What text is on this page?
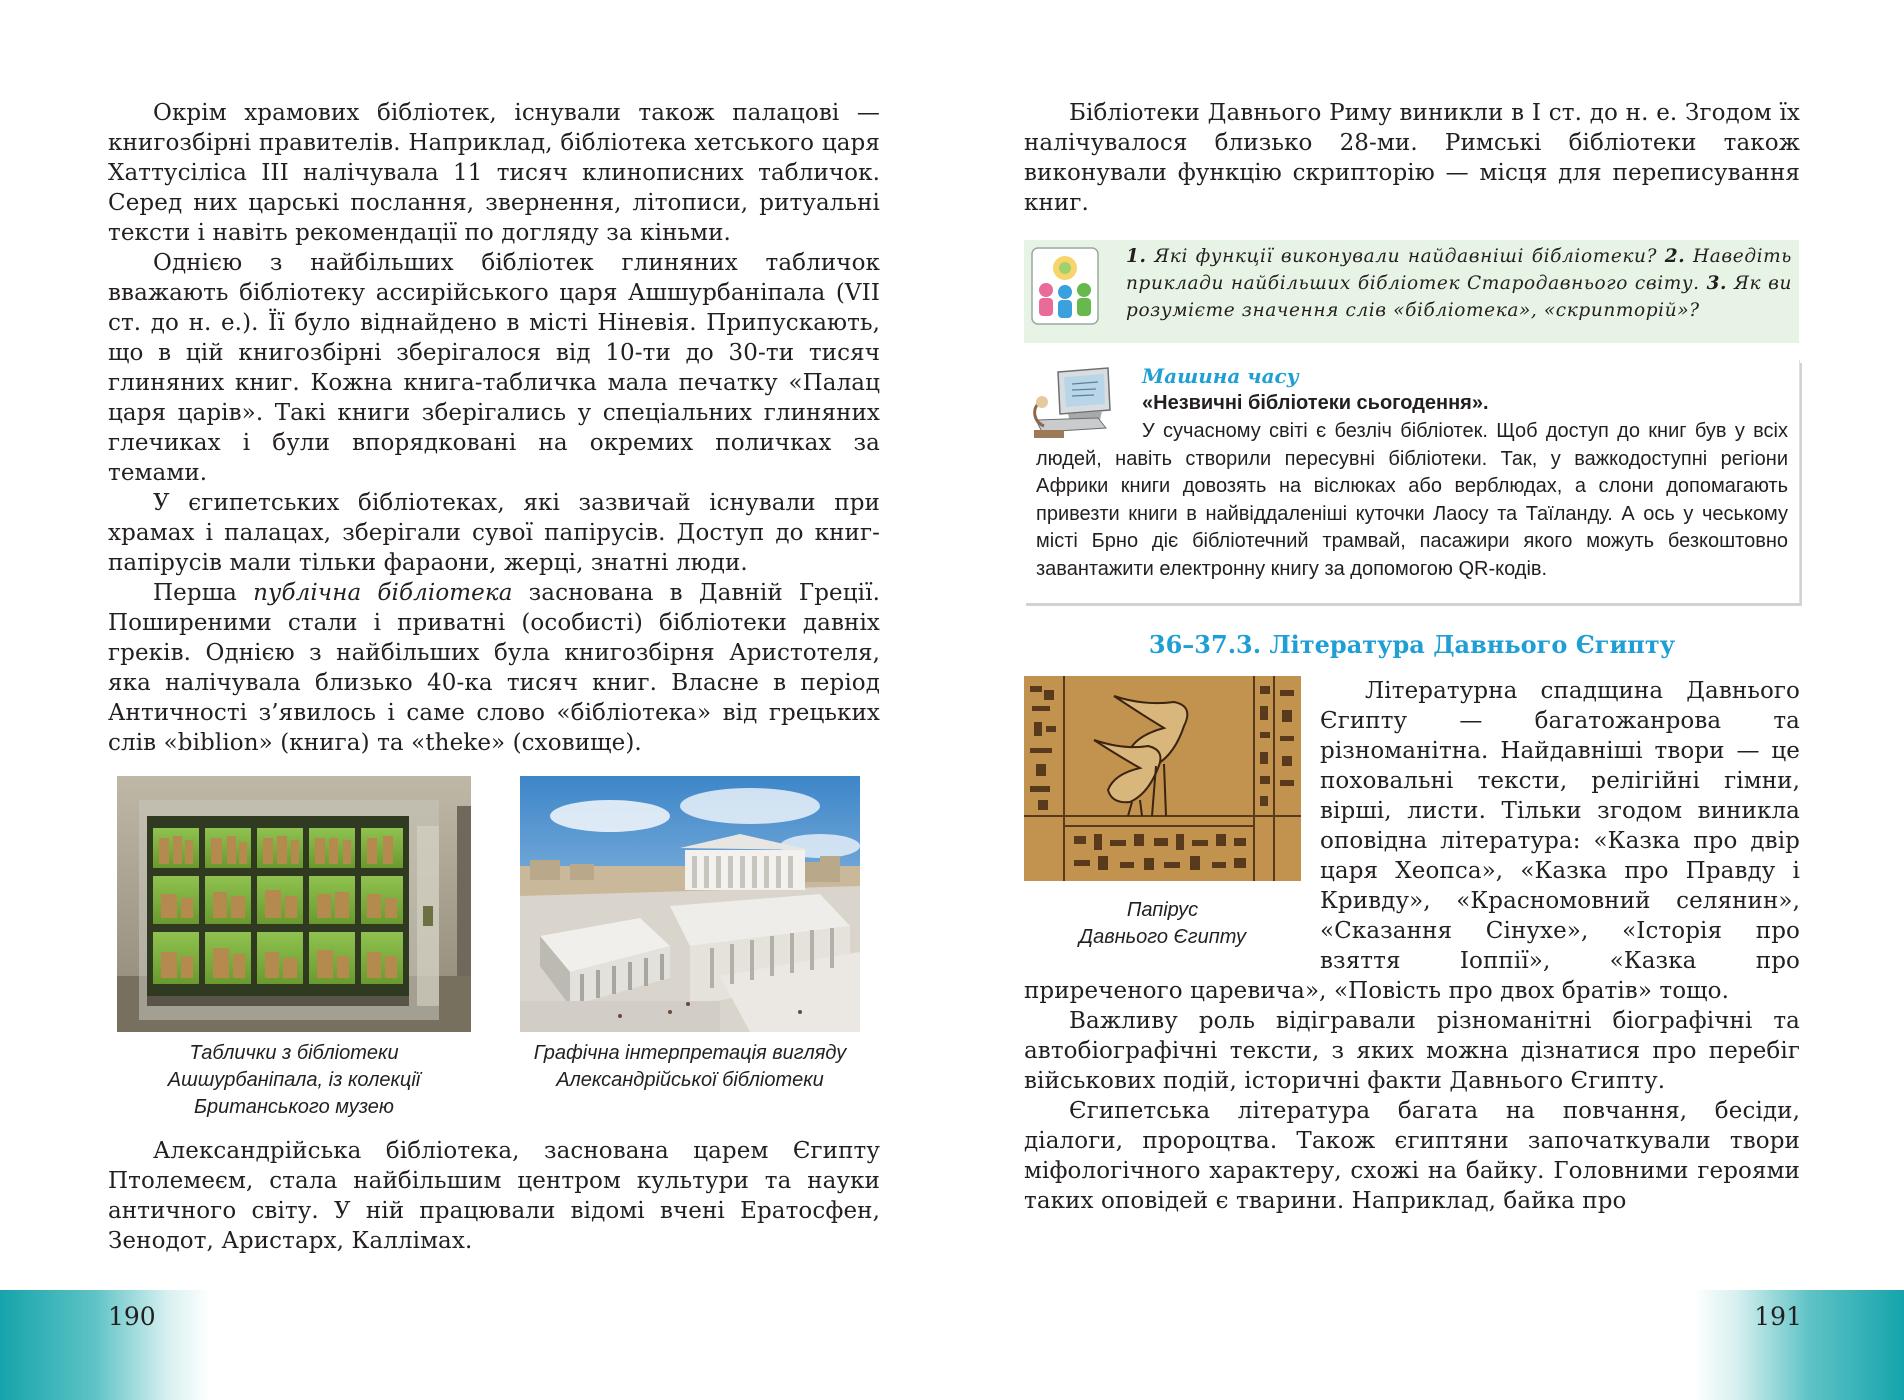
Окрім храмових бібліотек, існували також палацові — книгозбірні правителів. Наприклад, бібліотека хетського царя Хаттусіліса ІІІ налічувала 11 тисяч клинописних табличок. Серед них царські послання, звернення, літописи, ритуальні тексти і навіть рекомендації по догляду за кіньми.

Однією з найбільших бібліотек глиняних табличок вважають бібліотеку ассирійського царя Ашшурбаніпала (VII ст. до н. е.). Її було віднайдено в місті Ніневія. Припускають, що в цій книгозбірні зберігалося від 10-ти до 30-ти тисяч глиняних книг. Кожна книга-табличка мала печатку «Палац царя царів». Такі книги зберігались у спеціальних глиняних глечиках і були впорядковані на окремих поличках за темами.

У єгипетських бібліотеках, які зазвичай існували при храмах і палацах, зберігали сувої папірусів. Доступ до книг-папірусів мали тільки фараони, жерці, знатні люди.

Перша публічна бібліотека заснована в Давній Греції. Поширеними стали і приватні (особисті) бібліотеки давніх греків. Однією з найбільших була книгозбірня Аристотеля, яка налічувала близько 40-ка тисяч книг. Власне в період Античності з’явилось і саме слово «бібліотека» від грецьких слів «biblion» (книга) та «theke» (сховище).

Таблички з бібліотеки
Ашшурбаніпала, із колекції
Британського музею
Графічна інтерпретація вигляду
Александрійської бібліотеки

Александрійська бібліотека, заснована царем Єгипту Птолемеєм, стала найбільшим центром культури та науки античного світу. У ній працювали відомі вчені Ератосфен, Зенодот, Аристарх, Каллімах.

190

Бібліотеки Давнього Риму виникли в І ст. до н. е. Згодом їх налічувалося близько 28-ми. Римські бібліотеки також виконували функцію скрипторію — місця для переписування книг.

1. Які функції виконували найдавніші бібліотеки? 2. Наведіть приклади найбільших бібліотек Стародавнього світу. 3. Як ви розумієте значення слів «бібліотека», «скрипторій»?
Машина часу
«Незвичні бібліотеки сьогодення».
У сучасному світі є безліч бібліотек. Щоб доступ до книг був у всіх людей, навіть створили пересувні бібліотеки. Так, у важкодоступні регіони Африки книги довозять на віслюках або верблюдах, а слони допомагають привезти книги в найвіддаленіші куточки Лаосу та Таїланду. А ось у чеському місті Брно діє бібліотечний трамвай, пасажири якого можуть безкоштовно завантажити електронну книгу за допомогою QR-кодів.
36–37.3. Література Давнього Єгипту
Папірус
Давнього Єгипту

Літературна спадщина Давнього Єгипту — багатожанрова та різноманітна. Найдавніші твори — це поховальні тексти, релігійні гімни, вірші, листи. Тільки згодом виникла оповідна література: «Казка про двір царя Хеопса», «Казка про Правду і Кривду», «Красномовний селянин», «Сказання Сінухе», «Історія про взяття Іоппії», «Казка про приреченого царевича», «Повість про двох братів» тощо.

Важливу роль відігравали різноманітні біографічні та автобіографічні тексти, з яких можна дізнатися про перебіг військових подій, історичні факти Давнього Єгипту.

Єгипетська література багата на повчання, бесіди, діалоги, пророцтва. Також єгиптяни започаткували твори міфологічного характеру, схожі на байку. Головними героями таких оповідей є тварини. Наприклад, байка про

191
